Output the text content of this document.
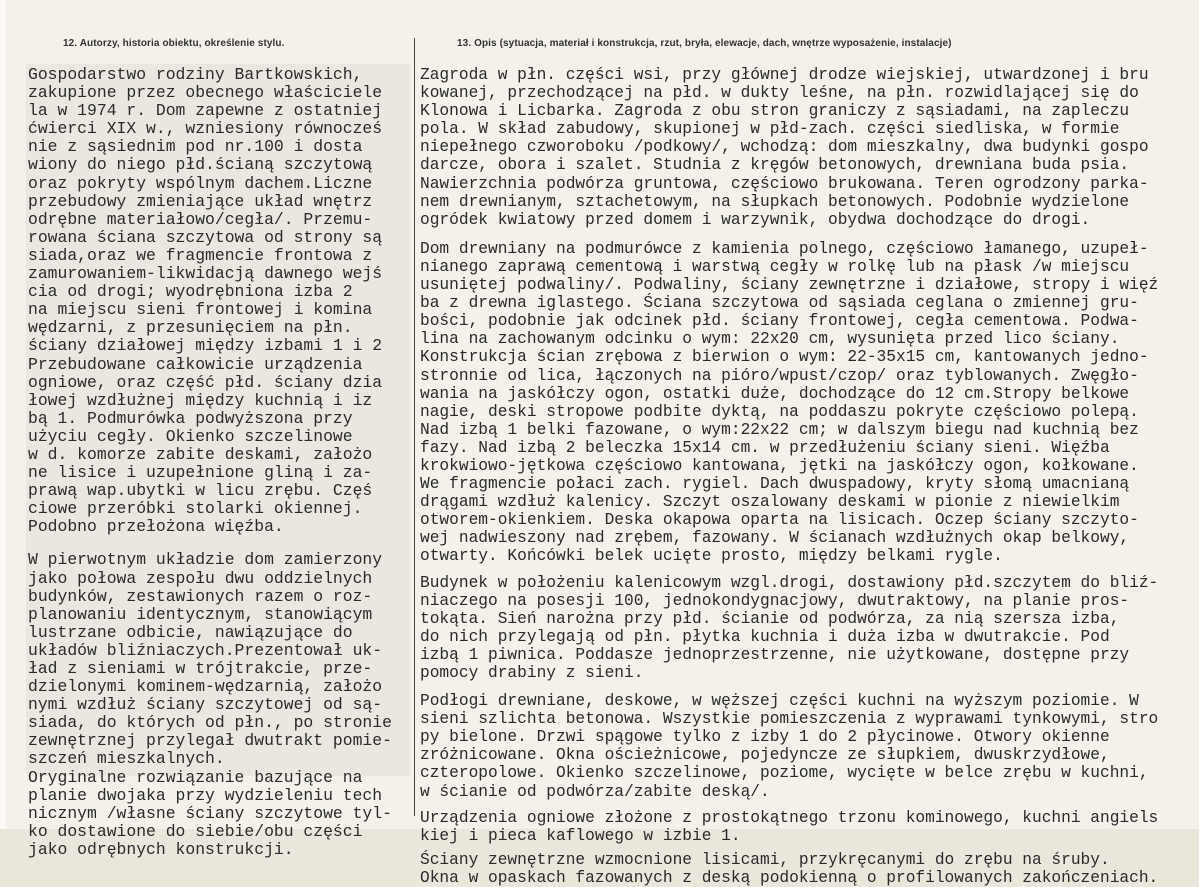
12. Autorzy, historia obiektu, określenie stylu.	13. Opis (sytuacja, materiał i konstrukcja, rzut, bryła, elewacje, dach, wnętrze wyposażenie, instalacje)
Gospodarstwo rodziny Bartkowskich,
zakupione przez obecnego właściciele
la w 1974 r. Dom zapewne z ostatniej
ćwierci XIX w., wzniesiony równocześ
nie z sąsiednim pod nr.100 i dosta
wiony do niego płd.ścianą szczytową
oraz pokryty wspólnym dachem.Liczne
przebudowy zmieniające układ wnętrz
odrębne materiałowo/cegła/. Przemu-
rowana ściana szczytowa od strony są
siada,oraz we fragmencie frontowa z
zamurowaniem-likwidacją dawnego wejś
cia od drogi; wyodrębniona izba 2
na miejscu sieni frontowej i komina
wędzarni, z przesunięciem na płn.
ściany działowej między izbami 1 i 2
Przebudowane całkowicie urządzenia
ogniowe, oraz część płd. ściany dzia
łowej wzdłużnej między kuchnią i iz
bą 1. Podmurówka podwyższona przy
użyciu cegły. Okienko szczelinowe
w d. komorze zabite deskami, założo
ne lisice i uzupełnione gliną i za-
prawą wap.ubytki w licu zrębu. Częś
ciowe przeróbki stolarki okiennej.
Podobno przełożona więźba.
W pierwotnym układzie dom zamierzony
jako połowa zespołu dwu oddzielnych
budynków, zestawionych razem o roz-
planowaniu identycznym, stanowiącym
lustrzane odbicie, nawiązujące do
układów bliźniaczych.Prezentował uk-
ład z sieniami w trójtrakcie, prze-
dzielonymi kominem-wędzarnią, założo
nymi wzdłuż ściany szczytowej od są-
siada, do których od płn., po stronie
zewnętrznej przylegał dwutrakt pomie-
szczeń mieszkalnych.
Oryginalne rozwiązanie bazujące na
planie dwojaka przy wydzieleniu tech
nicznym /własne ściany szczytowe tyl-
ko dostawione do siebie/obu części
jako odrębnych konstrukcji.
Zagroda w płn. części wsi, przy głównej drodze wiejskiej, utwardzonej i bru
kowanej, przechodzącej na płd. w dukty leśne, na płn. rozwidlającej się do
Klonowa i Licbarka. Zagroda z obu stron graniczy z sąsiadami, na zapleczu
pola. W skład zabudowy, skupionej w płd-zach. części siedliska, w formie
niepełnego czworoboku /podkowy/, wchodzą: dom mieszkalny, dwa budynki gospo
darcze, obora i szalet. Studnia z kręgów betonowych, drewniana buda psia.
Nawierzchnia podwórza gruntowa, częściowo brukowana. Teren ogrodzony parka-
nem drewnianym, sztachetowym, na słupkach betonowych. Podobnie wydzielone
ogródek kwiatowy przed domem i warzywnik, obydwa dochodzące do drogi.
Dom drewniany na podmurówce z kamienia polnego, częściowo łamanego, uzupeł-
nianego zaprawą cementową i warstwą cegły w rolkę lub na płask /w miejscu
usuniętej podwaliny/. Podwaliny, ściany zewnętrzne i działowe, stropy i więź
ba z drewna iglastego. Ściana szczytowa od sąsiada ceglana o zmiennej gru-
bości, podobnie jak odcinek płd. ściany frontowej, cegła cementowa. Podwa-
lina na zachowanym odcinku o wym: 22x20 cm, wysunięta przed lico ściany.
Konstrukcja ścian zrębowa z bierwion o wym: 22-35x15 cm, kantowanych jedno-
stronnie od lica, łączonych na pióro/wpust/czop/ oraz tyblowanych. Zwęgło-
wania na jaskółczy ogon, ostatki duże, dochodzące do 12 cm.Stropy belkowe
nagie, deski stropowe podbite dyktą, na poddaszu pokryte częściowo polepą.
Nad izbą 1 belki fazowane, o wym:22x22 cm; w dalszym biegu nad kuchnią bez
fazy. Nad izbą 2 beleczka 15x14 cm. w przedłużeniu ściany sieni. Więźba
krokwiowo-jętkowa częściowo kantowana, jętki na jaskółczy ogon, kołkowane.
We fragmencie połaci zach. rygiel. Dach dwuspadowy, kryty słomą umacnianą
drągami wzdłuż kalenicy. Szczyt oszalowany deskami w pionie z niewielkim
otworem-okienkiem. Deska okapowa oparta na lisicach. Oczep ściany szczyto-
wej nadwieszony nad zrębem, fazowany. W ścianach wzdłużnych okap belkowy,
otwarty. Końcówki belek ucięte prosto, między belkami rygle.
Budynek w położeniu kalenicowym wzgl.drogi, dostawiony płd.szczytem do bliź-
niaczego na posesji 100, jednokondygnacjowy, dwutraktowy, na planie pros-
tokąta. Sień narożna przy płd. ścianie od podwórza, za nią szersza izba,
do nich przylegają od płn. płytka kuchnia i duża izba w dwutrakcie. Pod
izbą 1 piwnica. Poddasze jednoprzestrzenne, nie użytkowane, dostępne przy
pomocy drabiny z sieni.
Podłogi drewniane, deskowe, w węższej części kuchni na wyższym poziomie. W
sieni szlichta betonowa. Wszystkie pomieszczenia z wyprawami tynkowymi, stro
py bielone. Drzwi spągowe tylko z izby 1 do 2 płycinowe. Otwory okienne
zróżnicowane. Okna ościeżnicowe, pojedyncze ze słupkiem, dwuskrzydłowe,
czteropolowe. Okienko szczelinowe, poziome, wycięte w belce zrębu w kuchni,
w ścianie od podwórza/zabite deską/.
Urządzenia ogniowe złożone z prostokątnego trzonu kominowego, kuchni angiels
kiej i pieca kaflowego w izbie 1.
Ściany zewnętrzne wzmocnione lisicami, przykręcanymi do zrębu na śruby.
Okna w opaskach fazowanych z deską podokienną o profilowanych zakończeniach.
